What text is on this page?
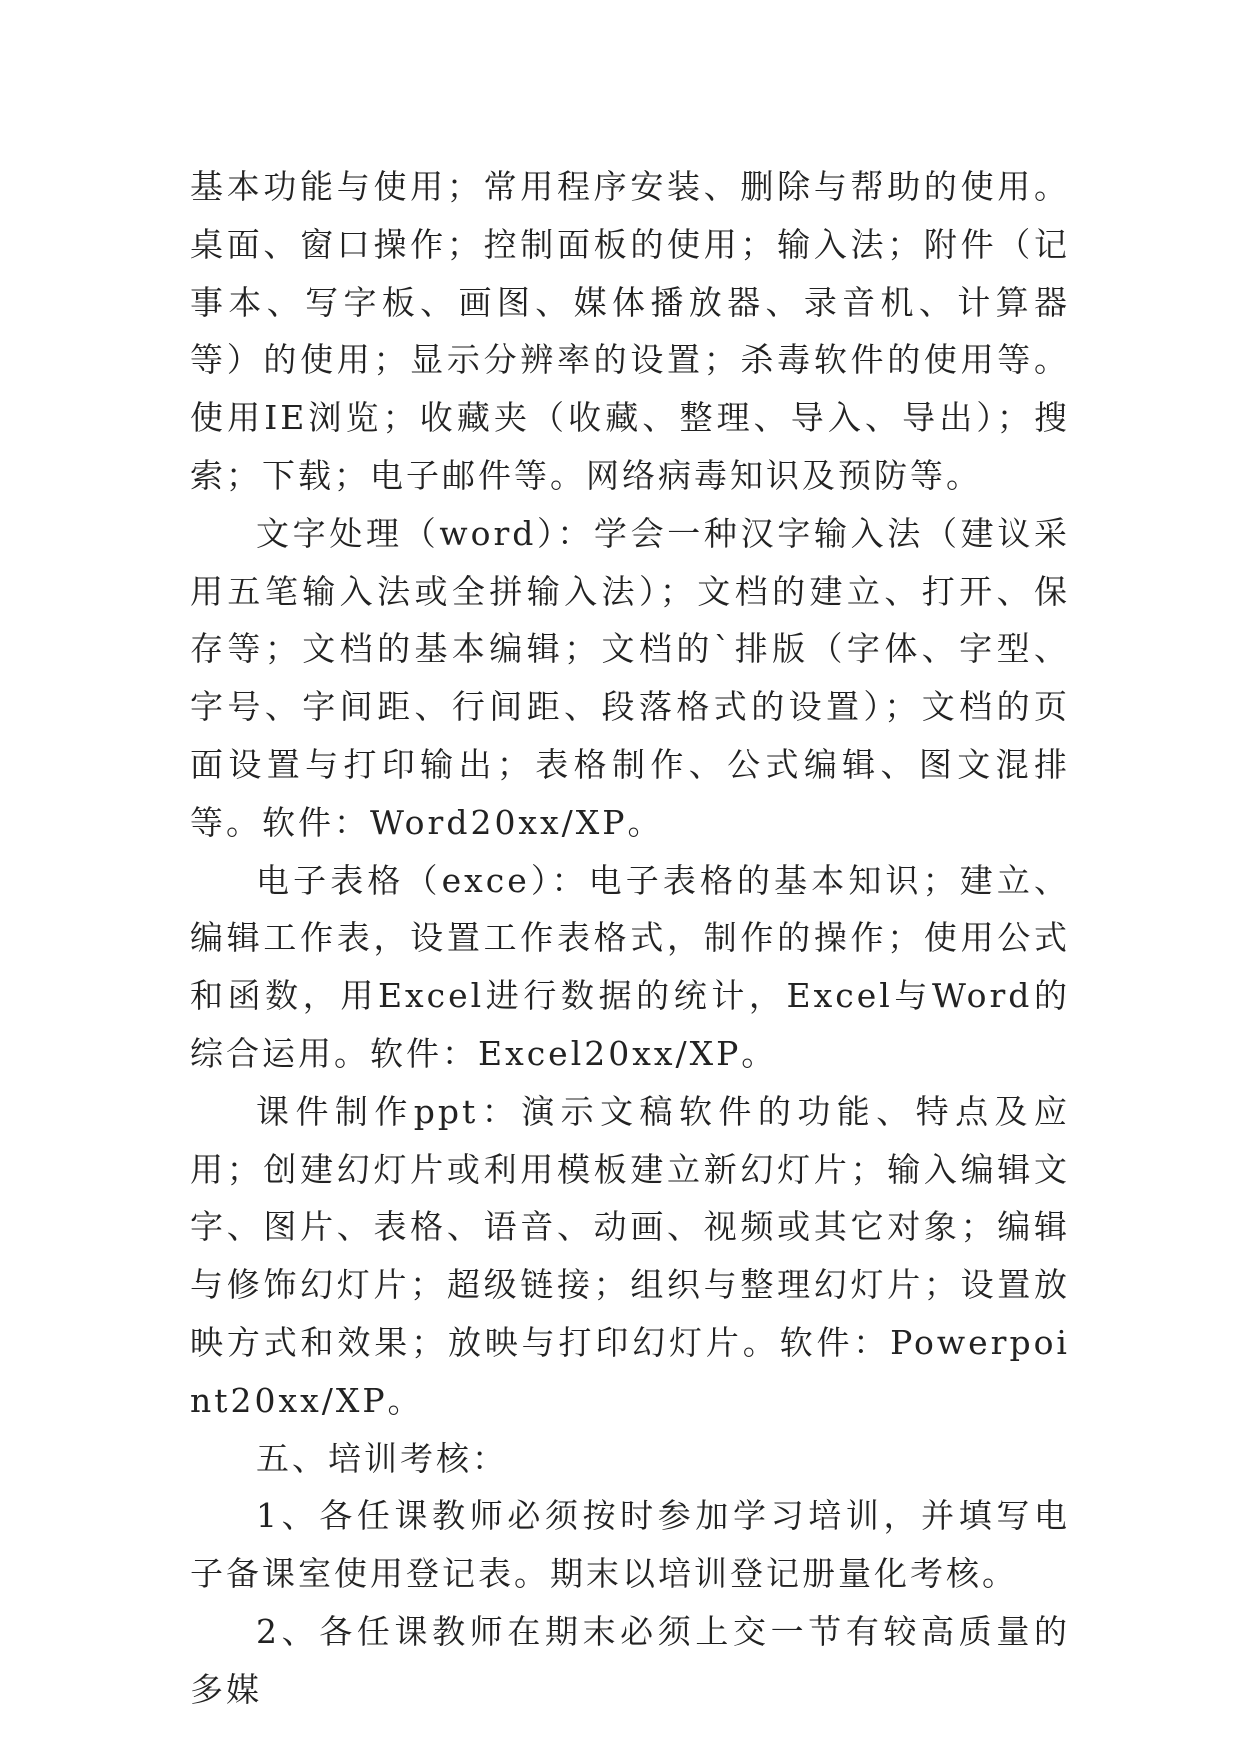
基本功能与使用；常用程序安装、删除与帮助的使用。桌面、窗口操作；控制面板的使用；输入法；附件（记事本、写字板、画图、媒体播放器、录音机、计算器等）的使用；显示分辨率的设置；杀毒软件的使用等。使用IE浏览；收藏夹（收藏、整理、导入、导出）；搜索；下载；电子邮件等。网络病毒知识及预防等。

文字处理（word）：学会一种汉字输入法（建议采用五笔输入法或全拼输入法）；文档的建立、打开、保存等；文档的基本编辑；文档的`排版（字体、字型、字号、字间距、行间距、段落格式的设置）；文档的页面设置与打印输出；表格制作、公式编辑、图文混排等。软件：Word20xx/XP。

电子表格（exce）：电子表格的基本知识；建立、编辑工作表，设置工作表格式，制作的操作；使用公式和函数，用Excel进行数据的统计，Excel与Word的综合运用。软件：Excel20xx/XP。

课件制作ppt：演示文稿软件的功能、特点及应用；创建幻灯片或利用模板建立新幻灯片；输入编辑文字、图片、表格、语音、动画、视频或其它对象；编辑与修饰幻灯片；超级链接；组织与整理幻灯片；设置放映方式和效果；放映与打印幻灯片。软件：Powerpoint20xx/XP。

五、培训考核：

1、各任课教师必须按时参加学习培训，并填写电子备课室使用登记表。期末以培训登记册量化考核。

2、各任课教师在期末必须上交一节有较高质量的多媒
